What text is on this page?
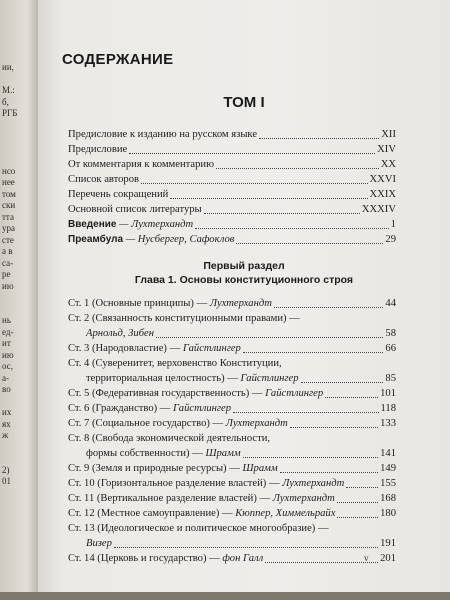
ии,
М.:
б,
РГБ
нсо
нее
том
ски
тта
ура
сте
а в
са-
ре
ию
нь
ед-
ит
ию
ос,
а-
во
их
ях
ж
2)
01
СОДЕРЖАНИЕ
ТОМ I
Предисловие к изданию на русском языке	XII
Предисловие	XIV
От комментария к комментарию	XX
Список авторов	XXVI
Перечень сокращений	XXIX
Основной список литературы	XXXIV
Введение — Лухтерхандт	1
Преамбула — Нусбергер, Сафоклов	29
Первый раздел
Глава 1. Основы конституционного строя
Ст. 1 (Основные принципы) — Лухтерхандт	44
Ст. 2 (Связанность конституционными правами) —
Арнольд, Зибен	58
Ст. 3 (Народовластие) — Гайстлингер	66
Ст. 4 (Суверенитет, верховенство Конституции,
территориальная целостность) — Гайстлингер	85
Ст. 5 (Федеративная государственность) — Гайстлингер	101
Ст. 6 (Гражданство) — Гайстлингер	118
Ст. 7 (Социальное государство) — Лухтерхандт	133
Ст. 8 (Свобода экономической деятельности,
формы собственности) — Шрамм	141
Ст. 9 (Земля и природные ресурсы) — Шрамм	149
Ст. 10 (Горизонтальное разделение властей) — Лухтерхандт	155
Ст. 11 (Вертикальное разделение властей) — Лухтерхандт	168
Ст. 12 (Местное самоуправление) — Кюппер, Химмельрайх	180
Ст. 13 (Идеологическое и политическое многообразие) —
Визер	191
Ст. 14 (Церковь и государство) — фон Галл	201
v
